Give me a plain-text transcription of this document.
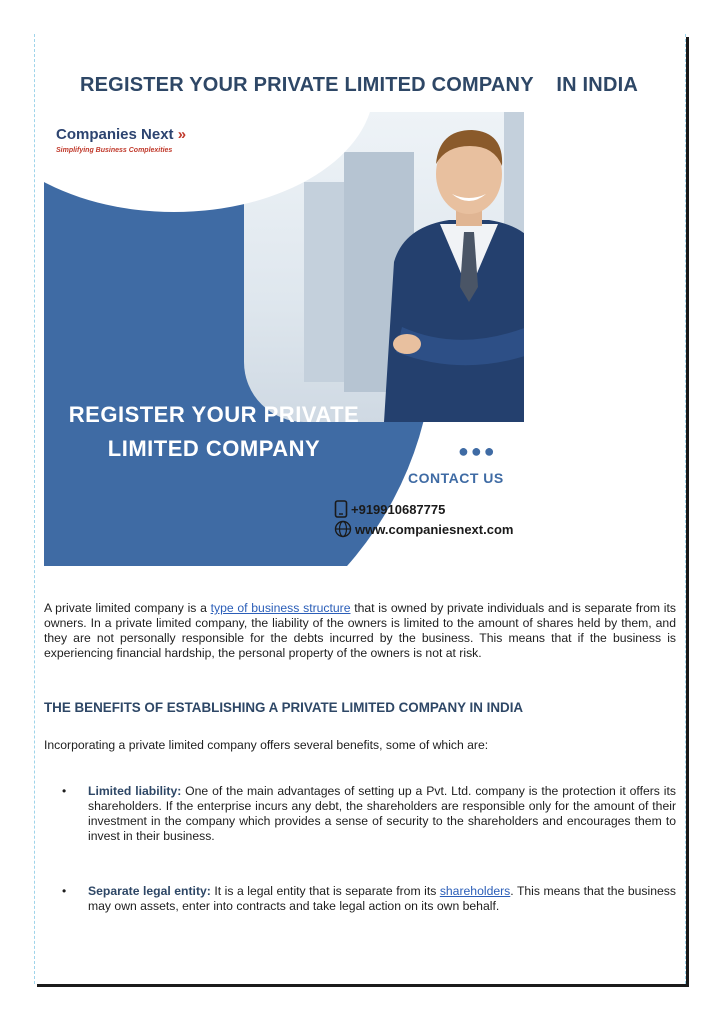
REGISTER YOUR PRIVATE LIMITED COMPANY    IN INDIA
Companies Next »
Simplifying Business Complexities
REGISTER YOUR PRIVATE
LIMITED COMPANY	●●●
CONTACT US
+919910687775
www.companiesnext.com
A private limited company is a type of business structure that is owned by private individuals and is separate from its owners. In a private limited company, the liability of the owners is limited to the amount of shares held by them, and they are not personally responsible for the debts incurred by the business. This means that if the business is experiencing financial hardship, the personal property of the owners is not at risk.
THE BENEFITS OF ESTABLISHING A PRIVATE LIMITED COMPANY IN INDIA
Incorporating a private limited company offers several benefits, some of which are:
• Limited liability: One of the main advantages of setting up a Pvt. Ltd. company is the protection it offers its shareholders. If the enterprise incurs any debt, the shareholders are responsible only for the amount of their investment in the company which provides a sense of security to the shareholders and encourages them to invest in their business.
• Separate legal entity: It is a legal entity that is separate from its shareholders. This means that the business may own assets, enter into contracts and take legal action on its own behalf.
